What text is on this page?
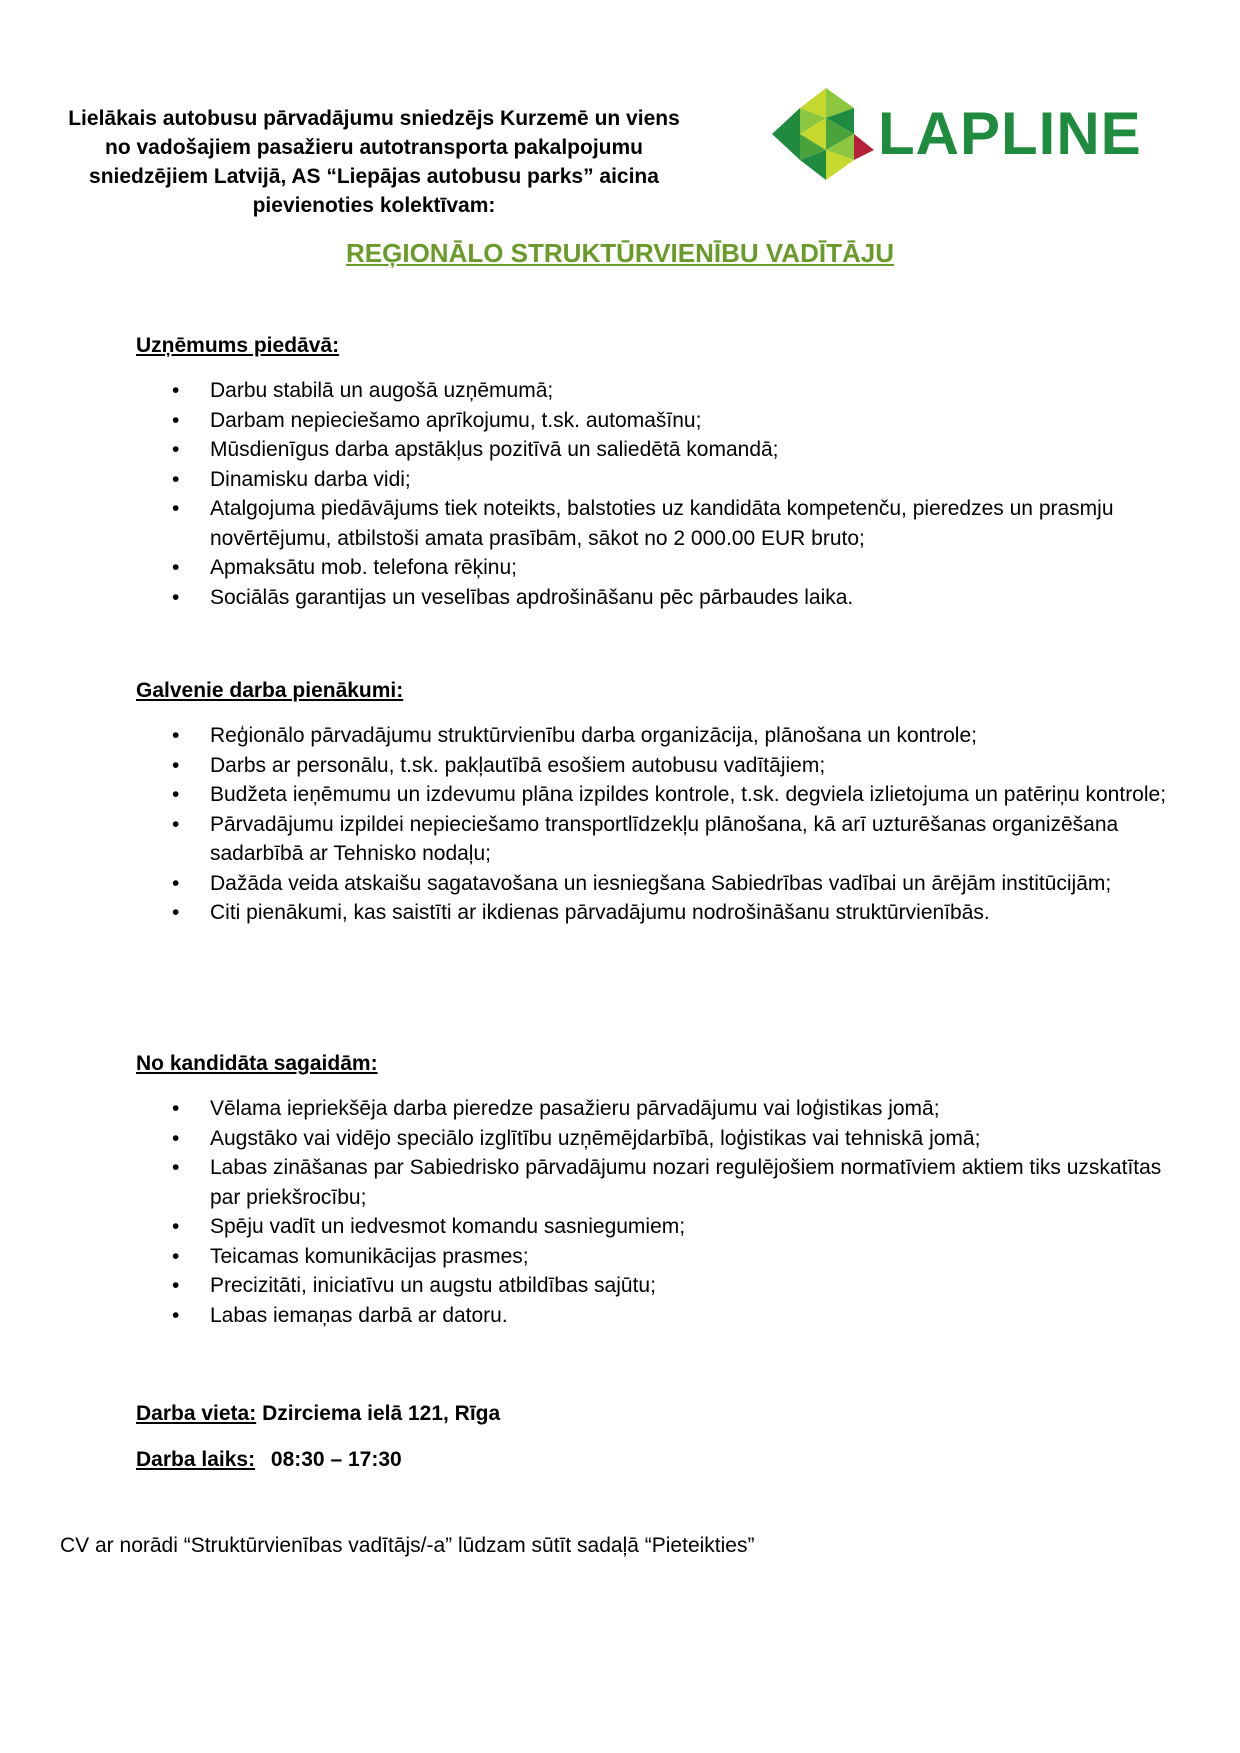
Lielākais autobusu pārvadājumu sniedzējs Kurzemē un viens no vadošajiem pasažieru autotransporta pakalpojumu sniedzējiem Latvijā, AS “Liepājas autobusu parks” aicina pievienoties kolektīvam:
LAPLINE
REĢIONĀLO STRUKTŪRVIENĪBU VADĪTĀJU
Uzņēmums piedāvā:
• Darbu stabilā un augošā uzņēmumā;
• Darbam nepieciešamo aprīkojumu, t.sk. automašīnu;
• Mūsdienīgus darba apstākļus pozitīvā un saliedētā komandā;
• Dinamisku darba vidi;
• Atalgojuma piedāvājums tiek noteikts, balstoties uz kandidāta kompetenču, pieredzes un prasmju novērtējumu, atbilstoši amata prasībām, sākot no 2 000.00 EUR bruto;
• Apmaksātu mob. telefona rēķinu;
• Sociālās garantijas un veselības apdrošināšanu pēc pārbaudes laika.
Galvenie darba pienākumi:
• Reģionālo pārvadājumu struktūrvienību darba organizācija, plānošana un kontrole;
• Darbs ar personālu, t.sk. pakļautībā esošiem autobusu vadītājiem;
• Budžeta ieņēmumu un izdevumu plāna izpildes kontrole, t.sk. degviela izlietojuma un patēriņu kontrole;
• Pārvadājumu izpildei nepieciešamo transportlīdzekļu plānošana, kā arī uzturēšanas organizēšana sadarbībā ar Tehnisko nodaļu;
• Dažāda veida atskaišu sagatavošana un iesniegšana Sabiedrības vadībai un ārējām institūcijām;
• Citi pienākumi, kas saistīti ar ikdienas pārvadājumu nodrošināšanu struktūrvienībās.
No kandidāta sagaidām:
• Vēlama iepriekšēja darba pieredze pasažieru pārvadājumu vai loģistikas jomā;
• Augstāko vai vidējo speciālo izglītību uzņēmējdarbībā, loģistikas vai tehniskā jomā;
• Labas zināšanas par Sabiedrisko pārvadājumu nozari regulējošiem normatīviem aktiem tiks uzskatītas par priekšrocību;
• Spēju vadīt un iedvesmot komandu sasniegumiem;
• Teicamas komunikācijas prasmes;
• Precizitāti, iniciatīvu un augstu atbildības sajūtu;
• Labas iemaņas darbā ar datoru.
Darba vieta: Dzirciema ielā 121, Rīga
Darba laiks: 08:30 – 17:30
CV ar norādi “Struktūrvienības vadītājs/-a” lūdzam sūtīt sadaļā “Pieteikties”
